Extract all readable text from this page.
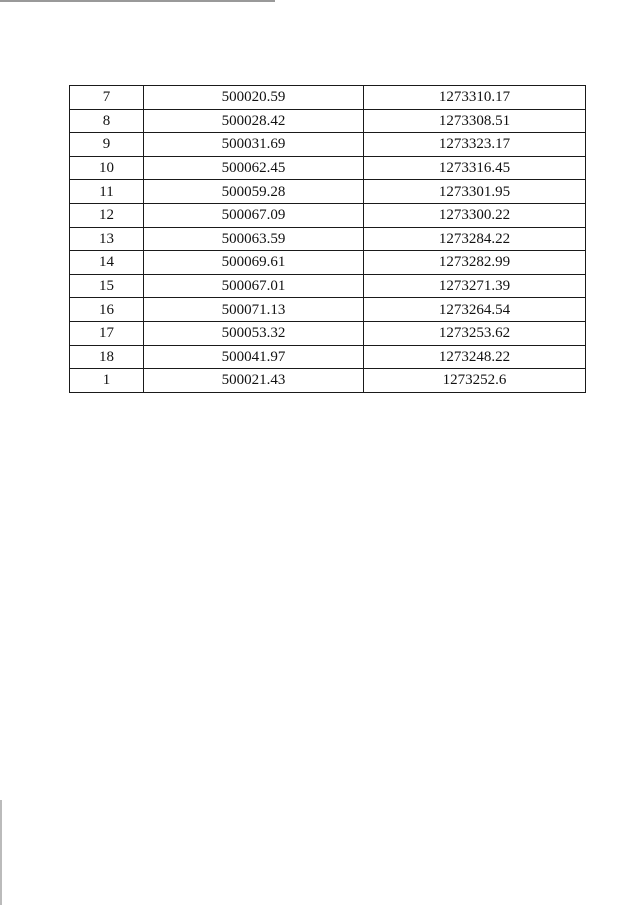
7	500020.59	1273310.17
8	500028.42	1273308.51
9	500031.69	1273323.17
10	500062.45	1273316.45
11	500059.28	1273301.95
12	500067.09	1273300.22
13	500063.59	1273284.22
14	500069.61	1273282.99
15	500067.01	1273271.39
16	500071.13	1273264.54
17	500053.32	1273253.62
18	500041.97	1273248.22
1	500021.43	1273252.6
